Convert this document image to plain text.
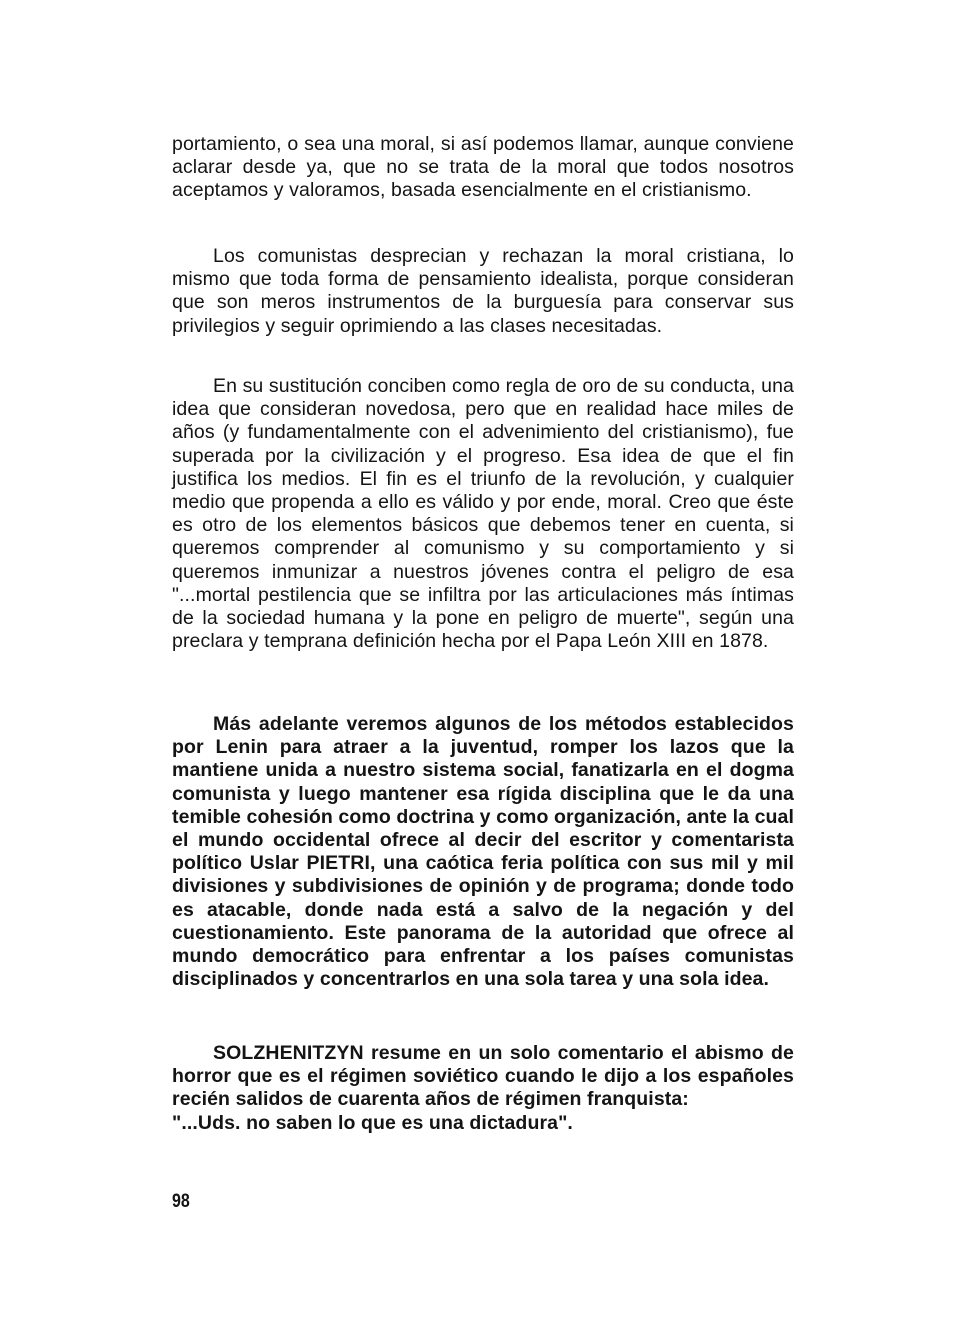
portamiento, o sea una moral, si así podemos llamar, aunque conviene aclarar desde ya, que no se trata de la moral que todos nosotros aceptamos y valoramos, basada esencialmente en el cristianismo.

Los comunistas desprecian y rechazan la moral cristiana, lo mismo que toda forma de pensamiento idealista, porque consideran que son meros instrumentos de la burguesía para conservar sus privilegios y seguir oprimiendo a las clases necesitadas.

En su sustitución conciben como regla de oro de su conducta, una idea que consideran novedosa, pero que en realidad hace miles de años (y fundamentalmente con el advenimiento del cristianismo), fue superada por la civilización y el progreso. Esa idea de que el fin justifica los medios. El fin es el triunfo de la revolución, y cualquier medio que propenda a ello es válido y por ende, moral. Creo que éste es otro de los elementos básicos que debemos tener en cuenta, si queremos comprender al comunismo y su comportamiento y si queremos inmunizar a nuestros jóvenes contra el peligro de esa "...mortal pestilencia que se infiltra por las articulaciones más íntimas de la sociedad humana y la pone en peligro de muerte", según una preclara y temprana definición hecha por el Papa León XIII en 1878.

Más adelante veremos algunos de los métodos establecidos por Lenin para atraer a la juventud, romper los lazos que la mantiene unida a nuestro sistema social, fanatizarla en el dogma comunista y luego mantener esa rígida disciplina que le da una temible cohesión como doctrina y como organización, ante la cual el mundo occidental ofrece al decir del escritor y comentarista político Uslar PIETRI, una caótica feria política con sus mil y mil divisiones y subdivisiones de opinión y de programa; donde todo es atacable, donde nada está a salvo de la negación y del cuestionamiento. Este panorama de la autoridad que ofrece al mundo democrático para enfrentar a los países comunistas disciplinados y concentrarlos en una sola tarea y una sola idea.

SOLZHENITZYN resume en un solo comentario el abismo de horror que es el régimen soviético cuando le dijo a los españoles recién salidos de cuarenta años de régimen franquista:

"...Uds. no saben lo que es una dictadura".

98
